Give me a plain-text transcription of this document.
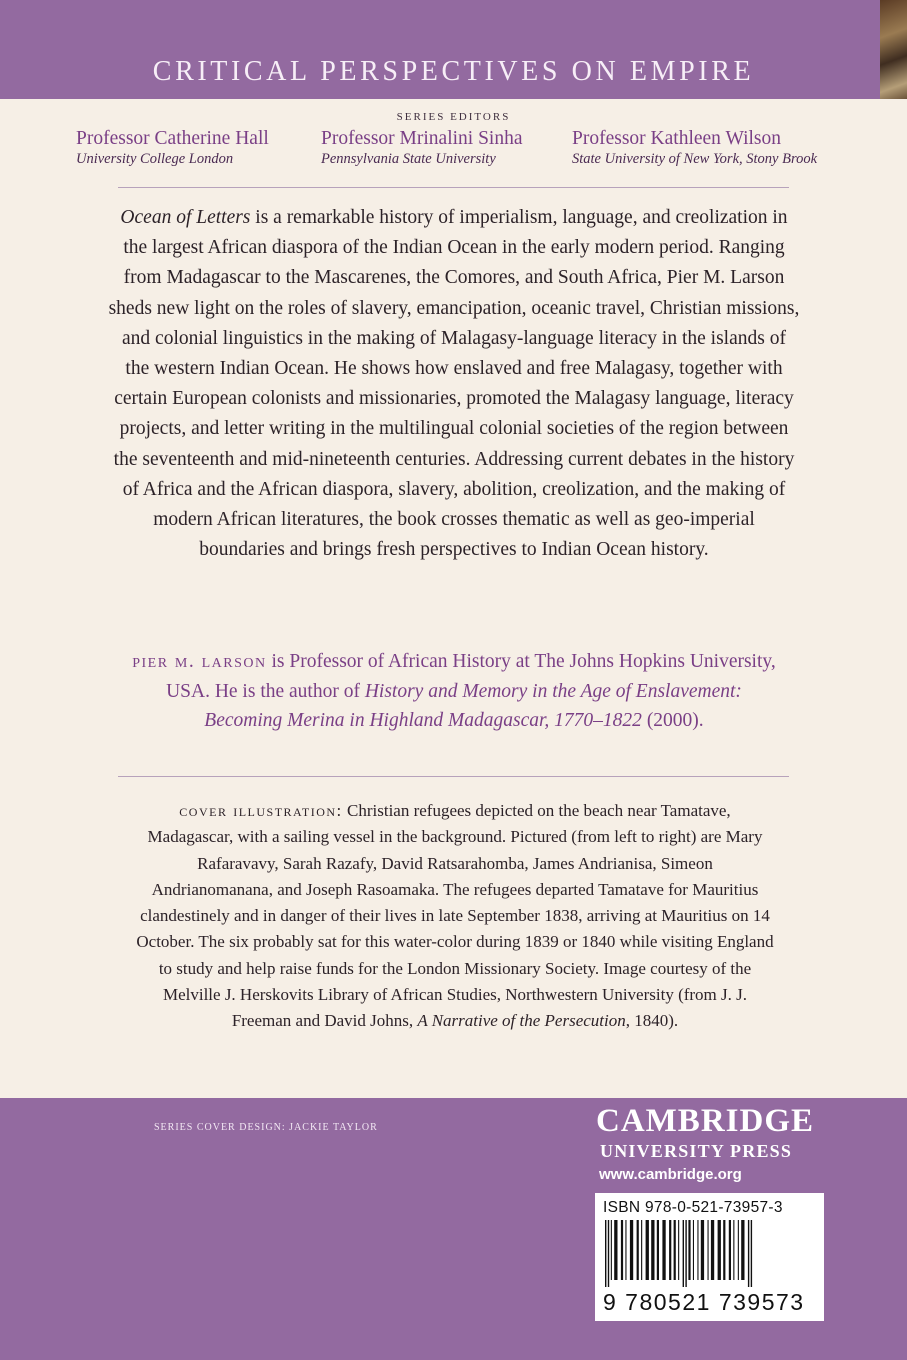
CRITICAL PERSPECTIVES ON EMPIRE
SERIES EDITORS
Professor Catherine Hall
University College London
Professor Mrinalini Sinha
Pennsylvania State University
Professor Kathleen Wilson
State University of New York, Stony Brook
Ocean of Letters is a remarkable history of imperialism, language, and creolization in the largest African diaspora of the Indian Ocean in the early modern period. Ranging from Madagascar to the Mascarenes, the Comores, and South Africa, Pier M. Larson sheds new light on the roles of slavery, emancipation, oceanic travel, Christian missions, and colonial linguistics in the making of Malagasy-language literacy in the islands of the western Indian Ocean. He shows how enslaved and free Malagasy, together with certain European colonists and missionaries, promoted the Malagasy language, literacy projects, and letter writing in the multilingual colonial societies of the region between the seventeenth and mid-nineteenth centuries. Addressing current debates in the history of Africa and the African diaspora, slavery, abolition, creolization, and the making of modern African literatures, the book crosses thematic as well as geo-imperial boundaries and brings fresh perspectives to Indian Ocean history.
pier m. larson is Professor of African History at The Johns Hopkins University, USA. He is the author of History and Memory in the Age of Enslavement: Becoming Merina in Highland Madagascar, 1770–1822 (2000).
cover illustration: Christian refugees depicted on the beach near Tamatave, Madagascar, with a sailing vessel in the background. Pictured (from left to right) are Mary Rafaravavy, Sarah Razafy, David Ratsarahomba, James Andrianisa, Simeon Andrianomanana, and Joseph Rasoamaka. The refugees departed Tamatave for Mauritius clandestinely and in danger of their lives in late September 1838, arriving at Mauritius on 14 October. The six probably sat for this water-color during 1839 or 1840 while visiting England to study and help raise funds for the London Missionary Society. Image courtesy of the Melville J. Herskovits Library of African Studies, Northwestern University (from J. J. Freeman and David Johns, A Narrative of the Persecution, 1840).
SERIES COVER DESIGN: JACKIE TAYLOR	CAMBRIDGE
UNIVERSITY PRESS
www.cambridge.org
ISBN 978-0-521-73957-3
9 780521 739573
